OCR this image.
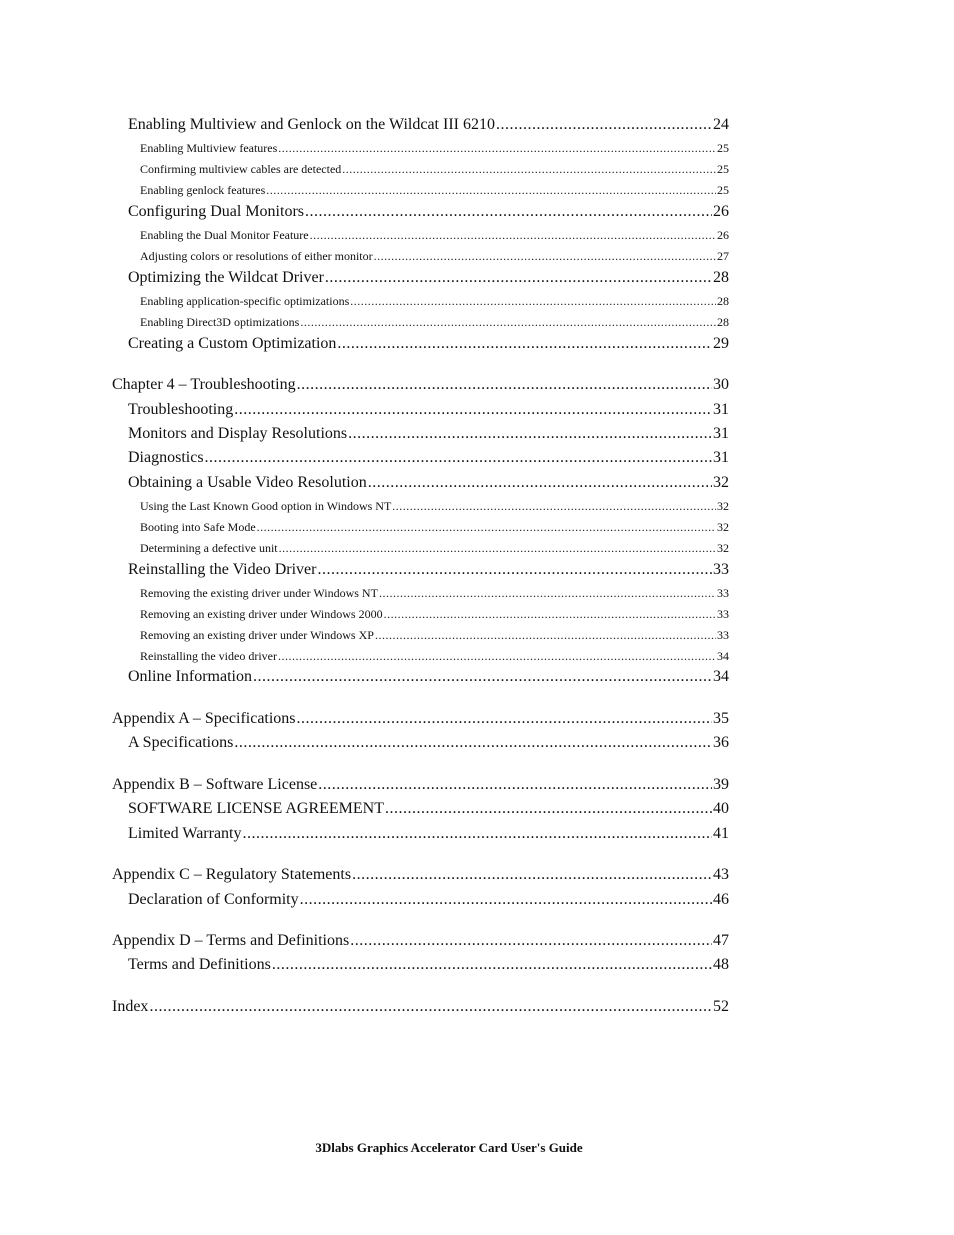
Enabling Multiview and Genlock on the Wildcat III 6210 .....	24
Enabling Multiview features .....	25
Confirming multiview cables are detected .....	25
Enabling genlock features .....	25
Configuring Dual Monitors .....	26
Enabling the Dual Monitor Feature .....	26
Adjusting colors or resolutions of either monitor .....	27
Optimizing the Wildcat Driver .....	28
Enabling application-specific optimizations .....	28
Enabling Direct3D optimizations .....	28
Creating a Custom Optimization .....	29
Chapter 4 – Troubleshooting .....	30
Troubleshooting .....	31
Monitors and Display Resolutions .....	31
Diagnostics .....	31
Obtaining a Usable Video Resolution .....	32
Using the Last Known Good option in Windows NT .....	32
Booting into Safe Mode .....	32
Determining a defective unit .....	32
Reinstalling the Video Driver .....	33
Removing the existing driver under Windows NT .....	33
Removing an existing driver under Windows 2000 .....	33
Removing an existing driver under Windows XP .....	33
Reinstalling the video driver .....	34
Online Information .....	34
Appendix A – Specifications .....	35
A Specifications .....	36
Appendix B – Software License .....	39
SOFTWARE LICENSE AGREEMENT .....	40
Limited Warranty .....	41
Appendix C – Regulatory Statements .....	43
Declaration of Conformity .....	46
Appendix D – Terms and Definitions .....	47
Terms and Definitions .....	48
Index .....	52
3Dlabs Graphics Accelerator Card User's Guide
